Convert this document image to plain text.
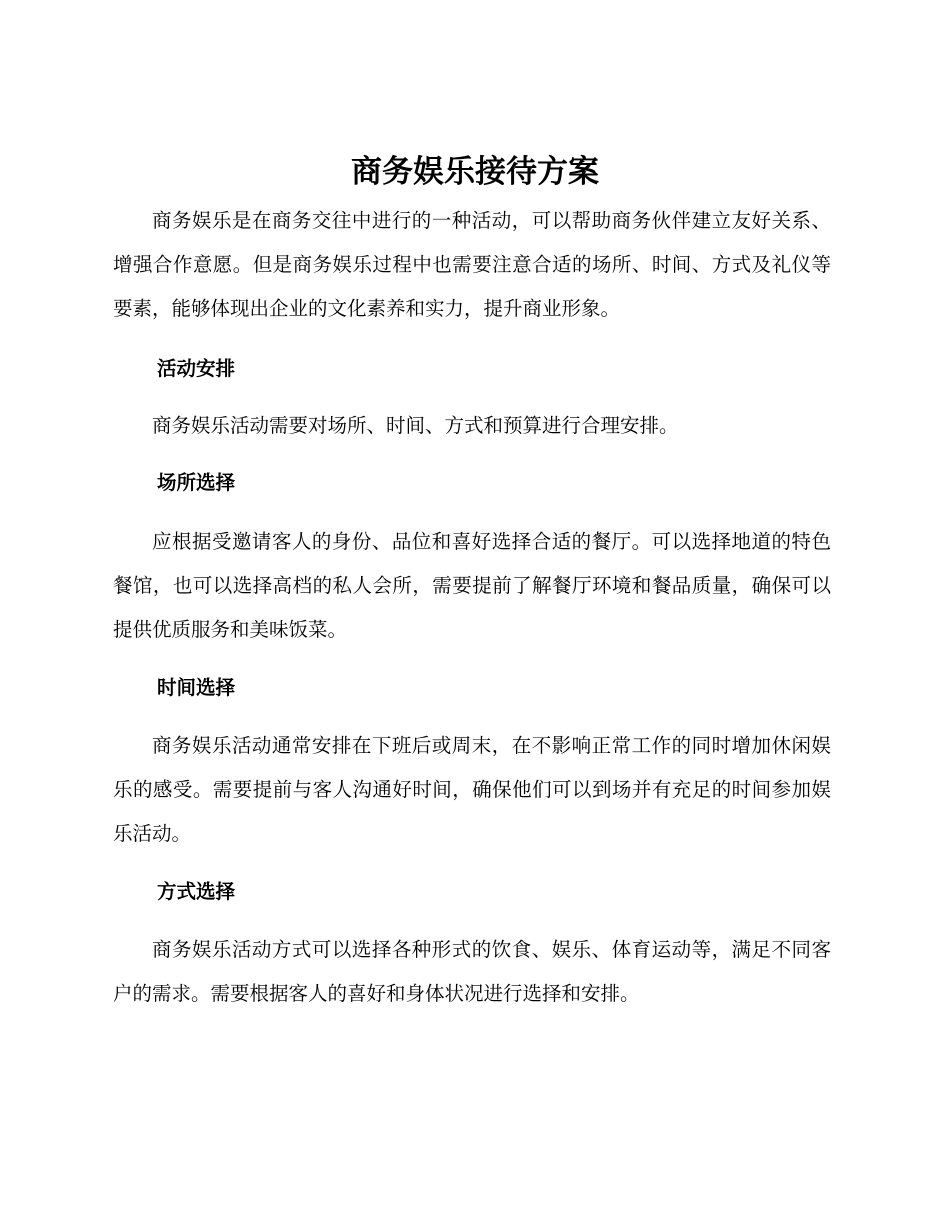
商务娱乐接待方案

商务娱乐是在商务交往中进行的一种活动，可以帮助商务伙伴建立友好关系、增强合作意愿。但是商务娱乐过程中也需要注意合适的场所、时间、方式及礼仪等要素，能够体现出企业的文化素养和实力，提升商业形象。

活动安排

商务娱乐活动需要对场所、时间、方式和预算进行合理安排。

场所选择

应根据受邀请客人的身份、品位和喜好选择合适的餐厅。可以选择地道的特色餐馆，也可以选择高档的私人会所，需要提前了解餐厅环境和餐品质量，确保可以提供优质服务和美味饭菜。

时间选择

商务娱乐活动通常安排在下班后或周末，在不影响正常工作的同时增加休闲娱乐的感受。需要提前与客人沟通好时间，确保他们可以到场并有充足的时间参加娱乐活动。

方式选择

商务娱乐活动方式可以选择各种形式的饮食、娱乐、体育运动等，满足不同客户的需求。需要根据客人的喜好和身体状况进行选择和安排。
